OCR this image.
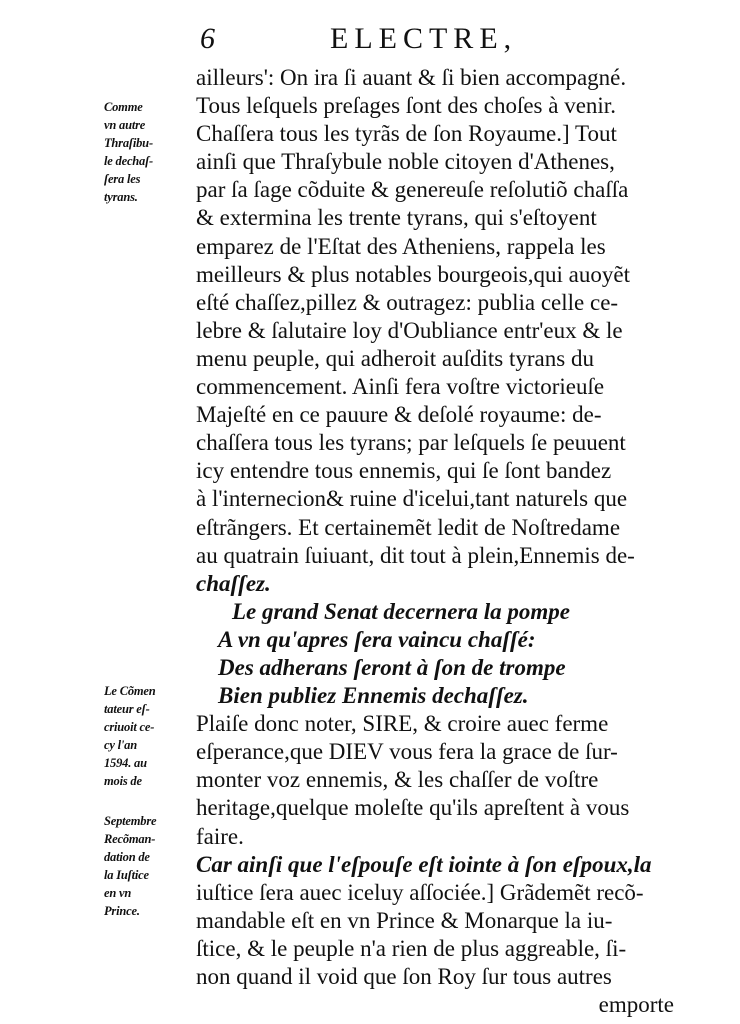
6	ELECTRE,
Comme
vn autre
Thraſibu-
le dechaſ-
ſera les
tyrans.
Le Cõmen
tateur eſ-
criuoit ce-
cy l'an
1594. au
mois de
Septembre
Recõman-
dation de
la Iuſtice
en vn
Prince.
ailleurs': On ira ſi auant & ſi bien accompagné.
Tous leſquels preſages ſont des choſes à venir.
Chaſſera tous les tyrãs de ſon Royaume.] Tout
ainſi que Thraſybule noble citoyen d'Athenes,
par ſa ſage cõduite & genereuſe reſolutiõ chaſſa
& extermina les trente tyrans, qui s'eſtoyent
emparez de l'Eſtat des Atheniens, rappela les
meilleurs & plus notables bourgeois,qui auoyẽt
eſté chaſſez,pillez & outragez: publia celle ce-
lebre & ſalutaire loy d'Oubliance entr'eux & le
menu peuple, qui adheroit auſdits tyrans du
commencement. Ainſi fera voſtre victorieuſe
Majeſté en ce pauure & deſolé royaume: de-
chaſſera tous les tyrans; par leſquels ſe peuuent
icy entendre tous ennemis, qui ſe ſont bandez
à l'internecion& ruine d'icelui,tant naturels que
eſtrãngers. Et certainemẽt ledit de Noſtredame
au quatrain ſuiuant, dit tout à plein,Ennemis de-
chaſſez.
Le grand Senat decernera la pompe
A vn qu'apres ſera vaincu chaſſé:
Des adherans ſeront à ſon de trompe
Bien publiez Ennemis dechaſſez.
Plaiſe donc noter, SIRE, & croire auec ferme
eſperance,que DIEV vous fera la grace de ſur-
monter voz ennemis, & les chaſſer de voſtre
heritage,quelque moleſte qu'ils apreſtent à vous
faire.
Car ainſi que l'eſpouſe eſt iointe à ſon eſpoux,la
iuſtice ſera auec iceluy aſſociée.] Grãdemẽt recõ-
mandable eſt en vn Prince & Monarque la iu-
ſtice, & le peuple n'a rien de plus aggreable, ſi-
non quand il void que ſon Roy ſur tous autres
emporte
